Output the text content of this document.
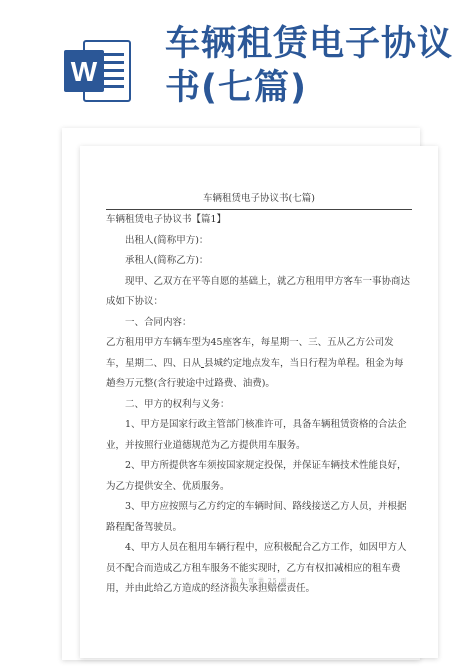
W
车辆租赁电子协议
书(七篇)
车辆租赁电子协议书(七篇)

车辆租赁电子协议书【篇1】

出租人(简称甲方)：

承租人(简称乙方)：

现甲、乙双方在平等自愿的基础上，就乙方租用甲方客车一事协商达成如下协议：

一、合同内容：

乙方租用甲方车辆车型为45座客车，每星期一、三、五从乙方公司发车，星期二、四、日从 县城约定地点发车，当日行程为单程。租金为每趟叁万元整(含行驶途中过路费、油费)。

二、甲方的权利与义务：

1、甲方是国家行政主管部门核准许可，具备车辆租赁资格的合法企业，并按照行业道德规范为乙方提供用车服务。

2、甲方所提供客车须按国家规定投保，并保证车辆技术性能良好，为乙方提供安全、优质服务。

3、甲方应按照与乙方约定的车辆时间、路线接送乙方人员，并根据路程配备驾驶员。

4、甲方人员在租用车辆行程中，应积极配合乙方工作，如因甲方人员不配合而造成乙方租车服务不能实现时，乙方有权扣减相应的租车费用，并由此给乙方造成的经济损失承担赔偿责任。

第 1 页 共 25 页
